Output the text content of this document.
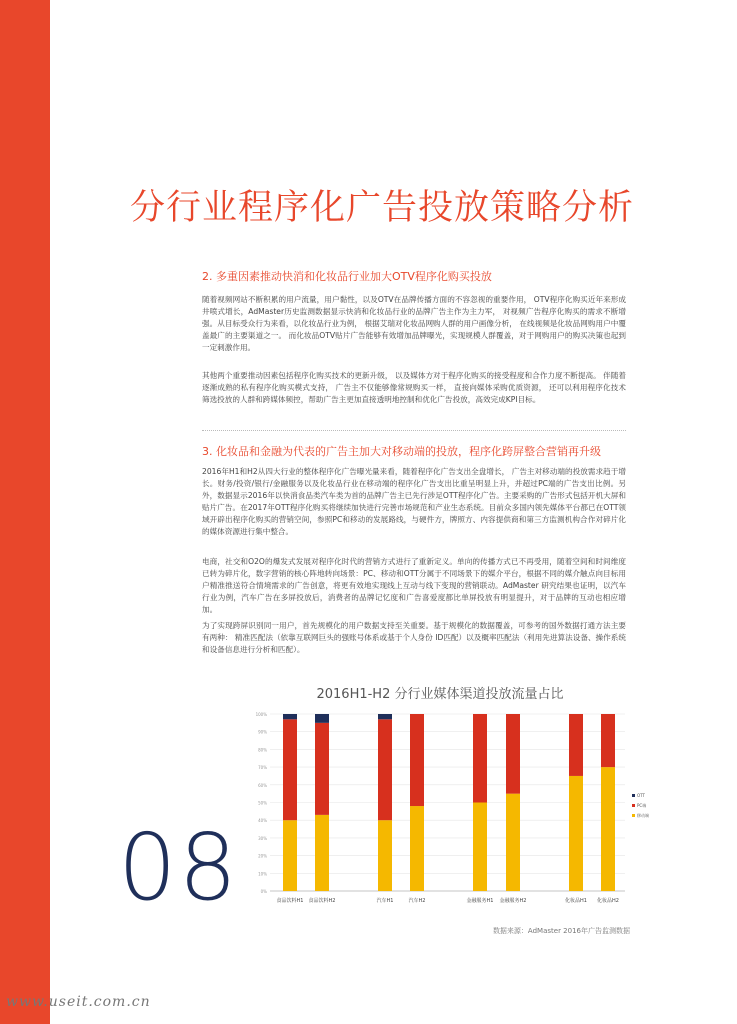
分行业程序化广告投放策略分析
2. 多重因素推动快消和化妆品行业加大OTV程序化购买投放

随着视频网站不断积累的用户流量，用户黏性，以及OTV在品牌传播方面的不容忽视的重要作用， OTV程序化购买近年来形成井喷式增长，AdMaster历史监测数据显示快消和化妆品行业的品牌广告主作为主力军， 对视频广告程序化购买的需求不断增强。从目标受众行为来看，以化妆品行业为例， 根据艾瑞对化妆品网购人群的用户画像分析， 在线视频是化妆品网购用户中覆盖最广的主要渠道之一。 而化妆品OTV贴片广告能够有效增加品牌曝光，实现规模人群覆盖，对于网购用户的购买决策也起到一定刺激作用。

其他两个重要推动因素包括程序化购买技术的更新升级， 以及媒体方对于程序化购买的接受程度和合作力度不断提高。 伴随着逐渐成熟的私有程序化购买模式支持， 广告主不仅能够像常规购买一样， 直接向媒体采购优质资源， 还可以利用程序化技术筛选投放的人群和跨媒体频控，帮助广告主更加直接透明地控制和优化广告投放，高效完成KPI目标。

3. 化妆品和金融为代表的广告主加大对移动端的投放，程序化跨屏整合营销再升级

2016年H1和H2从四大行业的整体程序化广告曝光量来看，随着程序化广告支出全盘增长， 广告主对移动端的投放需求趋于增长。财务/投资/银行/金融服务以及化妆品行业在移动端的程序化广告支出比重呈明显上升，并超过PC端的广告支出比例。另外，数据显示2016年以快消食品类汽车类为首的品牌广告主已先行涉足OTT程序化广告。主要采购的广告形式包括开机大屏和贴片广告。在2017年OTT程序化购买将继续加快进行完善市场规范和产业生态系统。目前众多国内领先媒体平台都已在OTT领域开辟出程序化购买的营销空间，参照PC和移动的发展路线，与硬件方，牌照方、内容提供商和第三方监测机构合作对碎片化的媒体资源进行集中整合。

电商，社交和O2O的爆发式发展对程序化时代的营销方式进行了重新定义。单向的传播方式已不再受用，随着空间和时间维度已转为碎片化，数字营销的核心阵地转向场景：PC、移动和OTT分属于不同场景下的媒介平台，根据不同的媒介触点向目标用户精准推送符合情境需求的广告创意，将更有效地实现线上互动与线下变现的营销联动。AdMaster 研究结果也证明，以汽车行业为例，汽车广告在多屏投放后，消费者的品牌记忆度和广告喜爱度都比单屏投放有明显提升，对于品牌的互动也相应增加。

为了实现跨屏识别同一用户，首先规模化的用户数据支持至关重要。基于规模化的数据覆盖，可参考的国外数据打通方法主要有两种： 精准匹配法（依靠互联网巨头的强账号体系或基于个人身份 ID匹配）以及概率匹配法（利用先进算法设备、操作系统和设备信息进行分析和匹配）。

2016H1-H2 分行业媒体渠道投放流量占比
0%
10%
20%
30%
40%
50%
60%
70%
80%
90%
100%
食品饮料H1 食品饮料H2	汽车H1	汽车H2	金融服务H1 金融服务H2	化妆品H1 化妆品H2
OTT
PC端
移动端
数据来源：AdMaster 2016年广告监测数据
08
www.useit.com.cn
